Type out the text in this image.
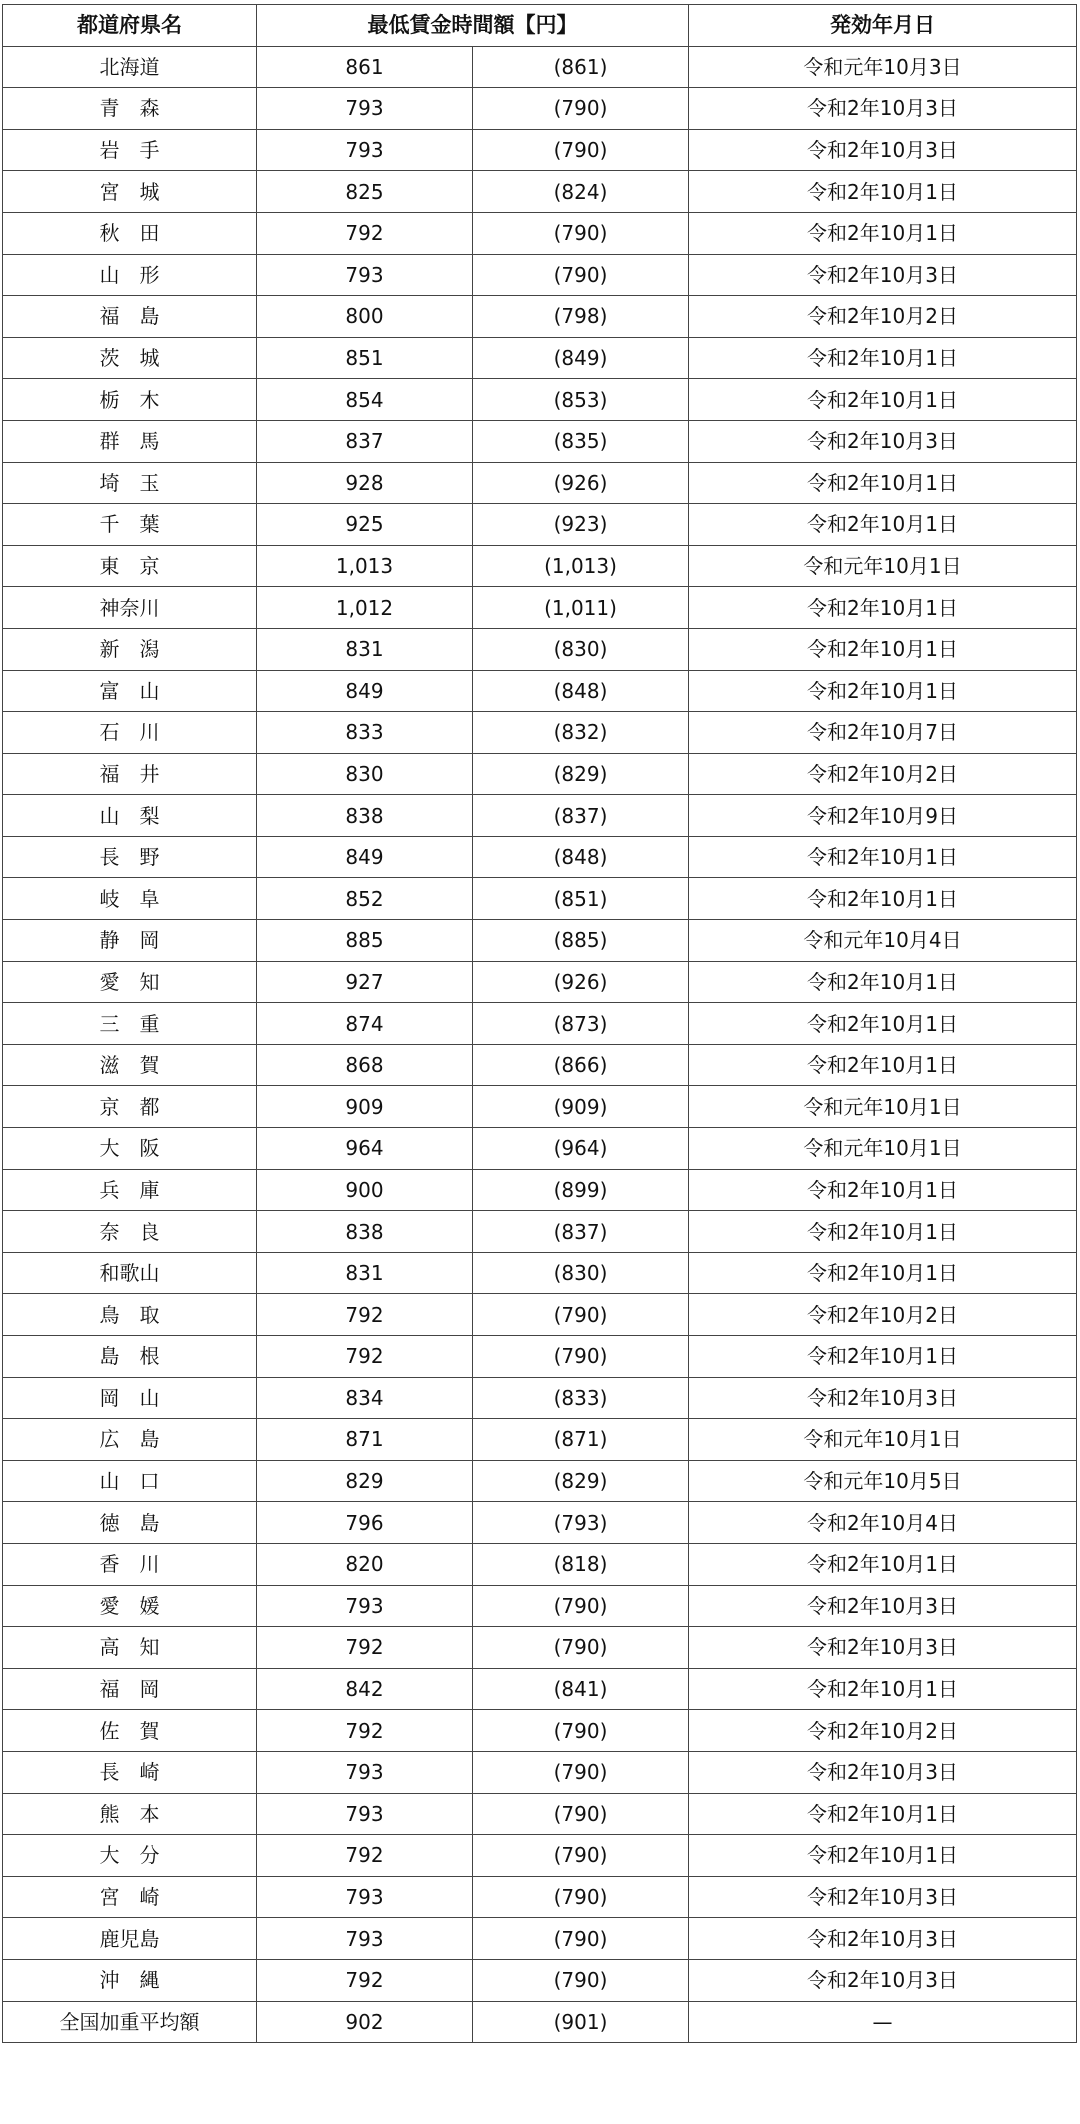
都道府県名	最低賃金時間額【円】		発効年月日
北海道	861	(861)	令和元年10月3日
青　森	793	(790)	令和2年10月3日
岩　手	793	(790)	令和2年10月3日
宮　城	825	(824)	令和2年10月1日
秋　田	792	(790)	令和2年10月1日
山　形	793	(790)	令和2年10月3日
福　島	800	(798)	令和2年10月2日
茨　城	851	(849)	令和2年10月1日
栃　木	854	(853)	令和2年10月1日
群　馬	837	(835)	令和2年10月3日
埼　玉	928	(926)	令和2年10月1日
千　葉	925	(923)	令和2年10月1日
東　京	1,013	(1,013)	令和元年10月1日
神奈川	1,012	(1,011)	令和2年10月1日
新　潟	831	(830)	令和2年10月1日
富　山	849	(848)	令和2年10月1日
石　川	833	(832)	令和2年10月7日
福　井	830	(829)	令和2年10月2日
山　梨	838	(837)	令和2年10月9日
長　野	849	(848)	令和2年10月1日
岐　阜	852	(851)	令和2年10月1日
静　岡	885	(885)	令和元年10月4日
愛　知	927	(926)	令和2年10月1日
三　重	874	(873)	令和2年10月1日
滋　賀	868	(866)	令和2年10月1日
京　都	909	(909)	令和元年10月1日
大　阪	964	(964)	令和元年10月1日
兵　庫	900	(899)	令和2年10月1日
奈　良	838	(837)	令和2年10月1日
和歌山	831	(830)	令和2年10月1日
鳥　取	792	(790)	令和2年10月2日
島　根	792	(790)	令和2年10月1日
岡　山	834	(833)	令和2年10月3日
広　島	871	(871)	令和元年10月1日
山　口	829	(829)	令和元年10月5日
徳　島	796	(793)	令和2年10月4日
香　川	820	(818)	令和2年10月1日
愛　媛	793	(790)	令和2年10月3日
高　知	792	(790)	令和2年10月3日
福　岡	842	(841)	令和2年10月1日
佐　賀	792	(790)	令和2年10月2日
長　崎	793	(790)	令和2年10月3日
熊　本	793	(790)	令和2年10月1日
大　分	792	(790)	令和2年10月1日
宮　崎	793	(790)	令和2年10月3日
鹿児島	793	(790)	令和2年10月3日
沖　縄	792	(790)	令和2年10月3日
全国加重平均額	902	(901)	—
